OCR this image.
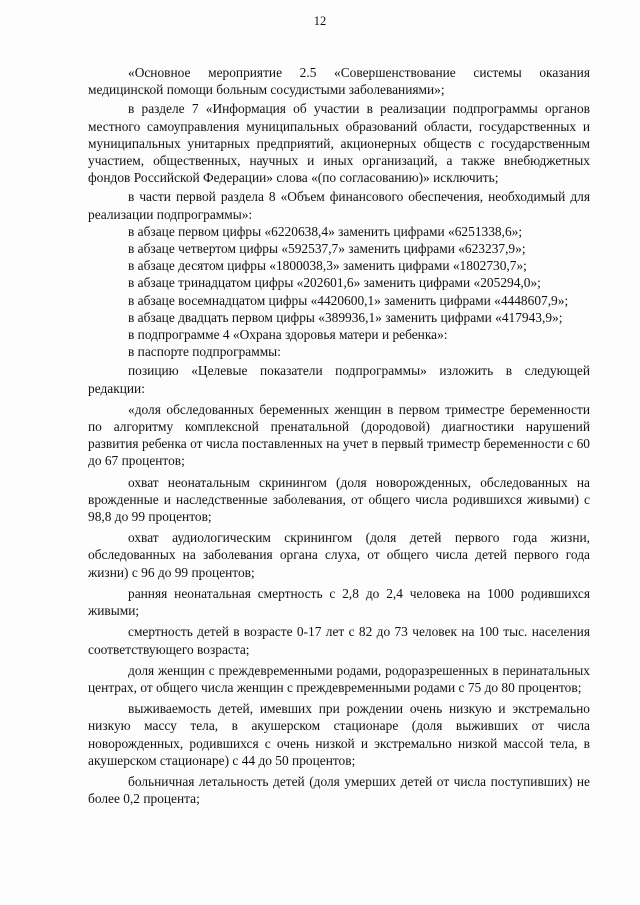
12

«Основное мероприятие 2.5 «Совершенствование системы оказания медицинской помощи больным сосудистыми заболеваниями»;

в разделе 7 «Информация об участии в реализации подпрограммы органов местного самоуправления муниципальных образований области, государственных и муниципальных унитарных предприятий, акционерных обществ с государственным участием, общественных, научных и иных организаций, а также внебюджетных фондов Российской Федерации» слова «(по согласованию)» исключить;

в части первой раздела 8 «Объем финансового обеспечения, необходимый для реализации подпрограммы»:

в абзаце первом цифры «6220638,4» заменить цифрами «6251338,6»;

в абзаце четвертом цифры «592537,7» заменить цифрами «623237,9»;

в абзаце десятом цифры «1800038,3» заменить цифрами «1802730,7»;

в абзаце тринадцатом цифры «202601,6» заменить цифрами «205294,0»;

в абзаце восемнадцатом цифры «4420600,1» заменить цифрами «4448607,9»;

в абзаце двадцать первом цифры «389936,1» заменить цифрами «417943,9»;

в подпрограмме 4 «Охрана здоровья матери и ребенка»:

в паспорте подпрограммы:

позицию «Целевые показатели подпрограммы» изложить в следующей редакции:

«доля обследованных беременных женщин в первом триместре беременности по алгоритму комплексной пренатальной (дородовой) диагностики нарушений развития ребенка от числа поставленных на учет в первый триместр беременности с 60 до 67 процентов;

охват неонатальным скринингом (доля новорожденных, обследованных на врожденные и наследственные заболевания, от общего числа родившихся живыми) с 98,8 до 99 процентов;

охват аудиологическим скринингом (доля детей первого года жизни, обследованных на заболевания органа слуха, от общего числа детей первого года жизни) с 96 до 99 процентов;

ранняя неонатальная смертность с 2,8 до 2,4 человека на 1000 родившихся живыми;

смертность детей в возрасте 0-17 лет с 82 до 73 человек на 100 тыс. населения соответствующего возраста;

доля женщин с преждевременными родами, родоразрешенных в перинатальных центрах, от общего числа женщин с преждевременными родами с 75 до 80 процентов;

выживаемость детей, имевших при рождении очень низкую и экстремально низкую массу тела, в акушерском стационаре (доля выживших от числа новорожденных, родившихся с очень низкой и экстремально низкой массой тела, в акушерском стационаре) с 44 до 50 процентов;

больничная летальность детей (доля умерших детей от числа поступивших) не более 0,2 процента;
